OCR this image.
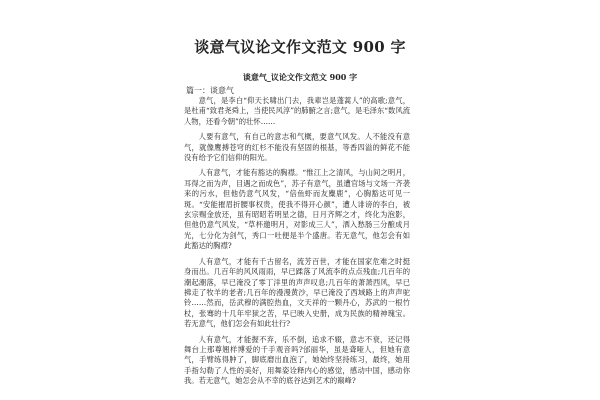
谈意气议论文作文范文 900 字
谈意气_议论文作文范文 900 字
篇一：谈意气

意气，是李白“仰天长啸出门去，我辈岂是蓬蒿人”的高歌;意气，是杜甫“致君尧舜上，当使民风淳”的肺腑之言;意气，是毛泽东“数风流人物，还看今朝”的壮怀……

人要有意气，有自己的意志和气概，要意气风发。人不能没有意气，就像鹰搏苍穹的红杉不能没有坚固的根基，等香四溢的鲜花不能没有给予它们信仰的阳光。

人有意气，才能有豁达的胸襟。“惟江上之清风，与山间之明月，耳得之而为声，目遇之而成色”，苏子有意气，虽遭官场与文场一齐袭来的污水，但他仍意气风发，“倍鱼虾而友麋鹿”，心胸豁达可见一斑。“安能摧眉折腰事权贵，使我不得开心颜”，遭人诽谤的李白，被玄宗赐金放还，虽有昭昭若明星之德，日月齐辉之才，终化为泡影，但他仍意气风发，“草杯邀明月，对影成三人”，洒入愁肠三分酿成月光，七分化为剑气，秀口一吐便是半个盛唐。若无意气，他怎会有如此豁达的胸襟?

人有意气，才能有千古留名，流芳百世，才能在国家危难之时挺身而出。几百年的风风雨雨，早已蹂落了风流李的点点残血;几百年的潮起潮落，早已淹没了零丁洋里的声声叹息;几百年的萧萧西风，早已拂走了牧羊的老者;几百年的漫漫黄沙，早已淹没了西域路上的声声驼铃……然而，岳武穆的满腔热血，文天祥的一颗丹心，苏武的一根竹杖，张骞的十几年牢狱之苦，早已映入史册，成为民族的精神瑰宝。若无意气，他们怎会有如此壮行?

人有意气，才能握不弃，乐不倒，追求不辍，意志不衰，还记得舞台上那尊翘样博爱的千手观音吗?邰丽华，虽是聋哑人，但她有意气，手臂练得肿了，脚底磨出血泡了，她始终坚持练习，最终，她用手指勾勒了人性的美好，用舞姿诠释内心的感觉，感动中国，感动你我。若无意气，她怎会从不幸的底谷达到艺术的巅峰?
